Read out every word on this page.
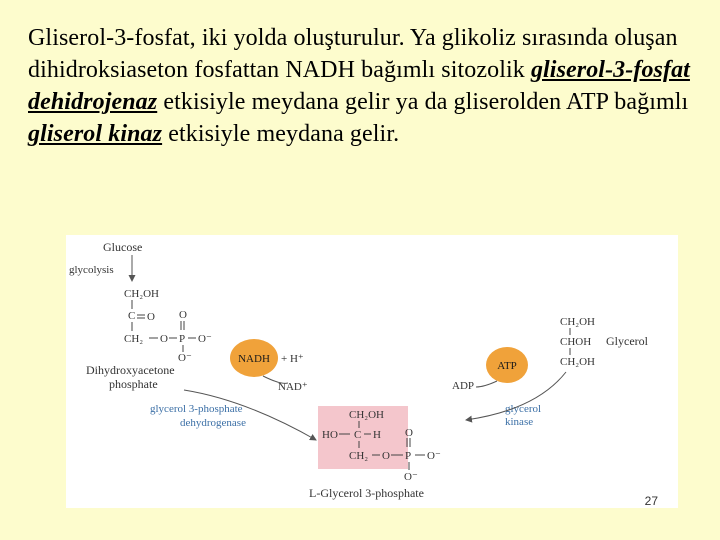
Gliserol-3-fosfat, iki yolda oluşturulur. Ya glikoliz sırasında oluşan dihidroksiaseton fosfattan NADH bağımlı sitozolik gliserol-3-fosfat dehidrojenaz etkisiyle meydana gelir ya da gliserolden ATP bağımlı gliserol kinaz etkisiyle meydana gelir.
Glucose
glycolysis
CH₂OH
C O
CH₂ O P O⁻
O
O⁻
Dihydroxyacetone
phosphate
NADH + H⁺
NAD⁺
glycerol 3-phosphate
dehydrogenase
CH₂OH
CHOH
CH₂OH
Glycerol
ATP
ADP
glycerol
kinase
CH₂OH
HO C H
CH₂ O P O⁻
O
O⁻
L-Glycerol 3-phosphate
27
